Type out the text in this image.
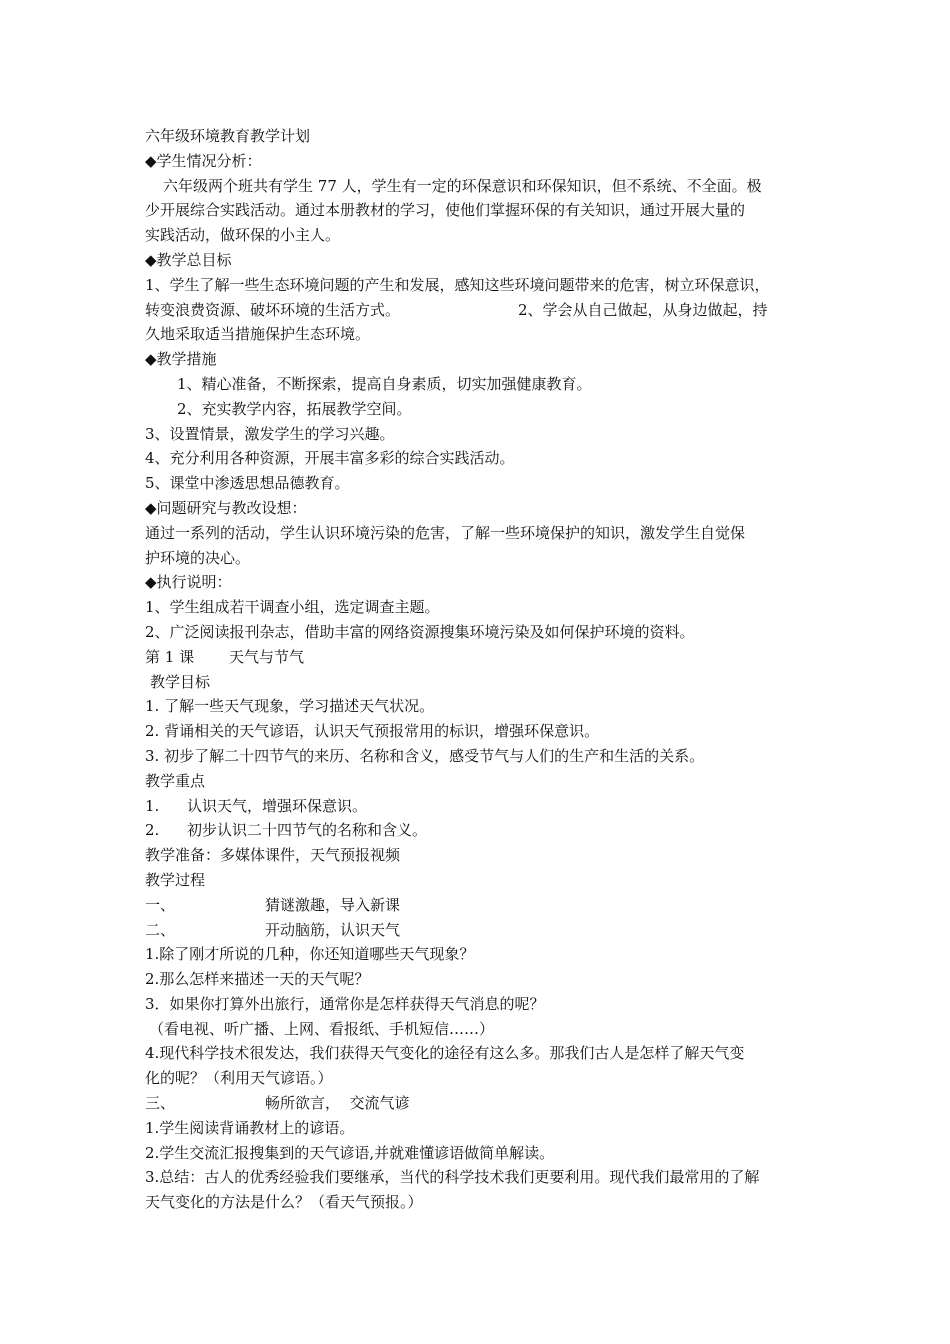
六年级环境教育教学计划
◆学生情况分析：
六年级两个班共有学生 77 人，学生有一定的环保意识和环保知识，但不系统、不全面。极
少开展综合实践活动。通过本册教材的学习，使他们掌握环保的有关知识，通过开展大量的
实践活动，做环保的小主人。
◆教学总目标
1、学生了解一些生态环境问题的产生和发展，感知这些环境问题带来的危害，树立环保意识，
转变浪费资源、破坏环境的生活方式。	2、学会从自己做起，从身边做起，持
久地采取适当措施保护生态环境。
◆教学措施
1、精心准备，不断探索，提高自身素质，切实加强健康教育。
2、充实教学内容，拓展教学空间。
3、设置情景，激发学生的学习兴趣。
4、充分利用各种资源，开展丰富多彩的综合实践活动。
5、课堂中渗透思想品德教育。
◆问题研究与教改设想：
通过一系列的活动，学生认识环境污染的危害，了解一些环境保护的知识，激发学生自觉保
护环境的决心。
◆执行说明：
1、学生组成若干调查小组，选定调查主题。
2、广泛阅读报刊杂志，借助丰富的网络资源搜集环境污染及如何保护环境的资料。
第 1 课 天气与节气
教学目标
1. 了解一些天气现象，学习描述天气状况。
2. 背诵相关的天气谚语，认识天气预报常用的标识，增强环保意识。
3. 初步了解二十四节气的来历、名称和含义，感受节气与人们的生产和生活的关系。
教学重点
1. 认识天气，增强环保意识。
2. 初步认识二十四节气的名称和含义。
教学准备：多媒体课件，天气预报视频
教学过程
一、	猜谜激趣，导入新课
二、	开动脑筋，认识天气
1.除了刚才所说的几种，你还知道哪些天气现象？
2.那么怎样来描述一天的天气呢？
3．如果你打算外出旅行，通常你是怎样获得天气消息的呢？
（看电视、听广播、上网、看报纸、手机短信……）
4.现代科学技术很发达，我们获得天气变化的途径有这么多。那我们古人是怎样了解天气变
化的呢？（利用天气谚语。）
三、	畅所欲言，  交流气谚
1.学生阅读背诵教材上的谚语。
2.学生交流汇报搜集到的天气谚语,并就难懂谚语做简单解读。
3.总结：古人的优秀经验我们要继承，当代的科学技术我们更要利用。现代我们最常用的了解
天气变化的方法是什么？（看天气预报。）
